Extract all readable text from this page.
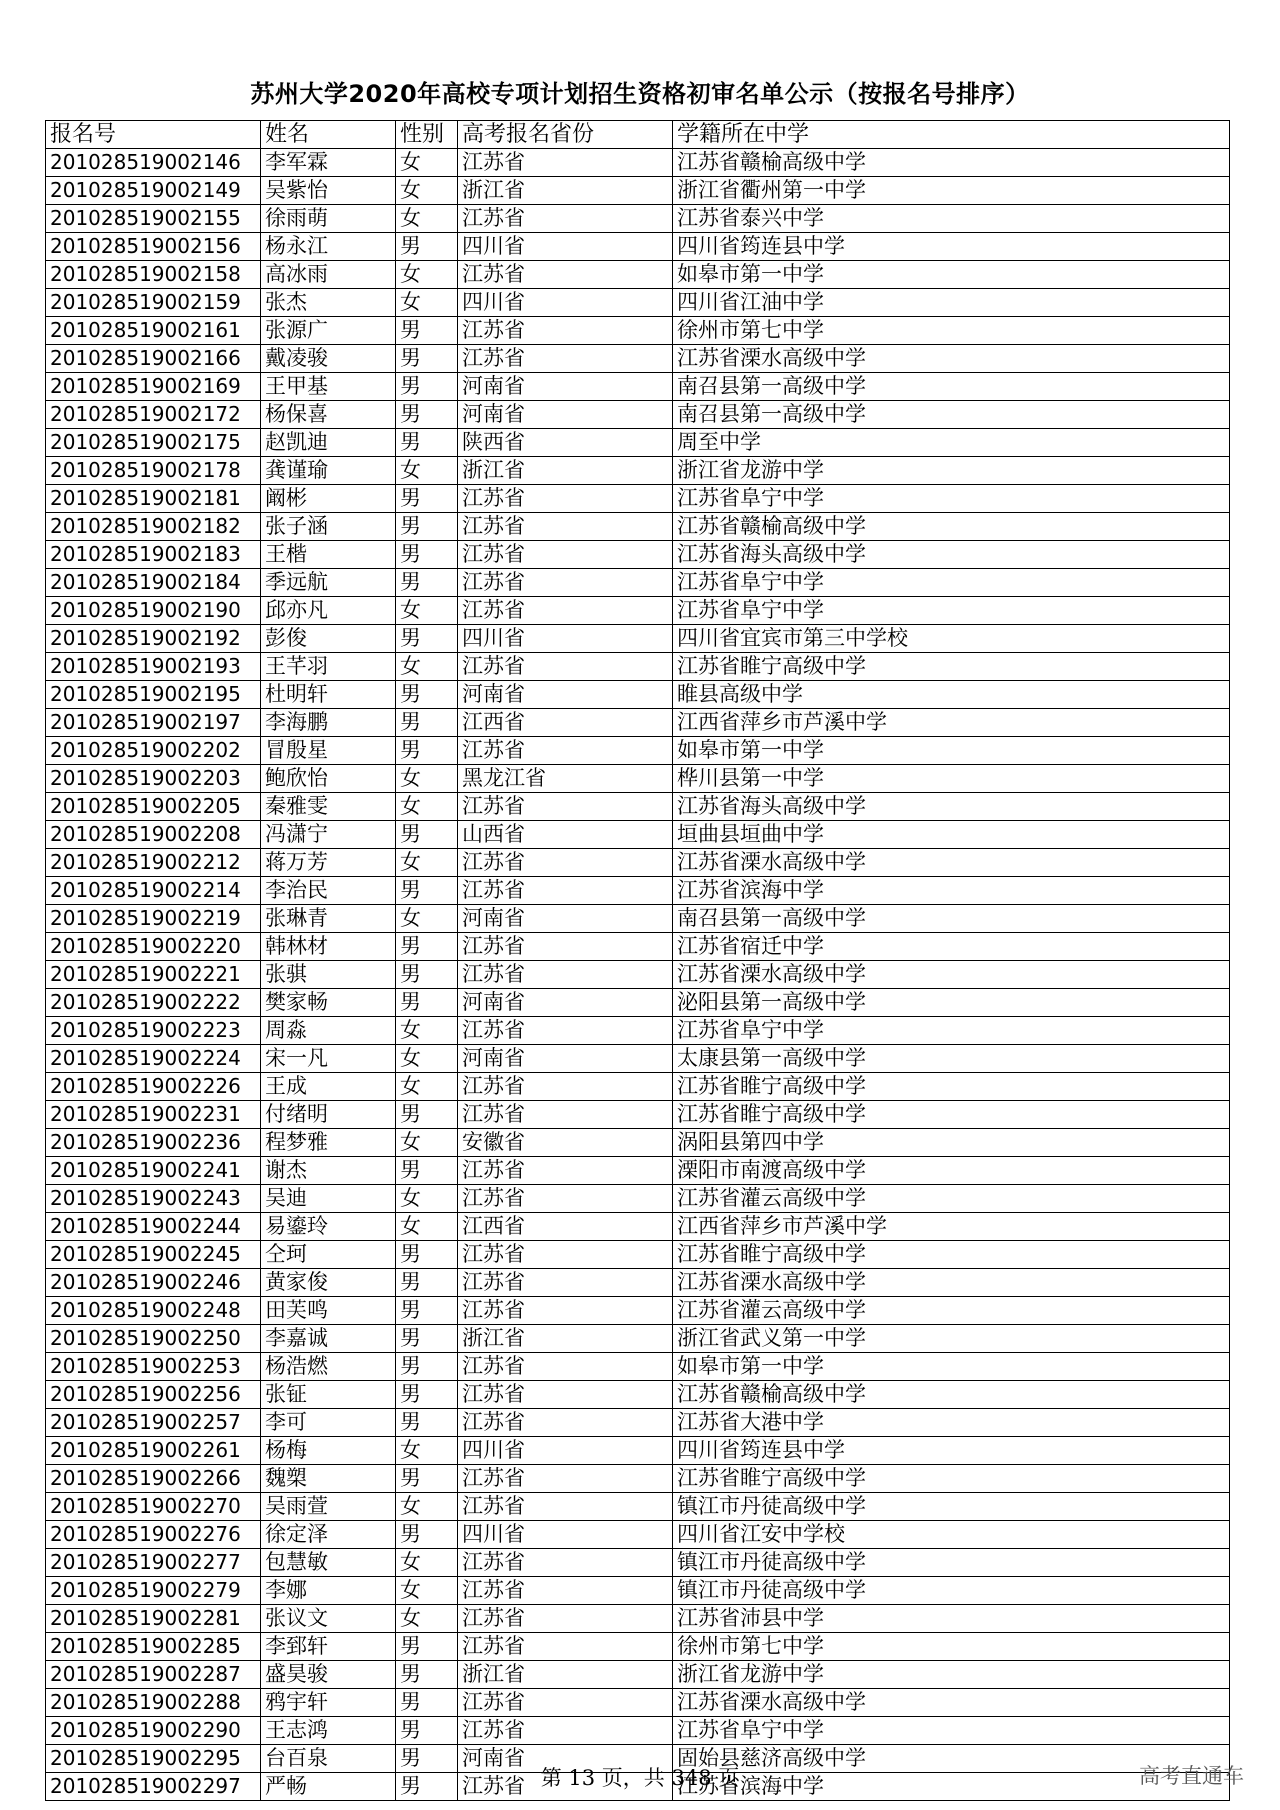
苏州大学2020年高校专项计划招生资格初审名单公示（按报名号排序）
报名号	姓名	性别	高考报名省份	学籍所在中学
201028519002146	李军霖	女	江苏省	江苏省赣榆高级中学
201028519002149	吴紫怡	女	浙江省	浙江省衢州第一中学
201028519002155	徐雨萌	女	江苏省	江苏省泰兴中学
201028519002156	杨永江	男	四川省	四川省筠连县中学
201028519002158	高冰雨	女	江苏省	如皋市第一中学
201028519002159	张杰	女	四川省	四川省江油中学
201028519002161	张源广	男	江苏省	徐州市第七中学
201028519002166	戴凌骏	男	江苏省	江苏省溧水高级中学
201028519002169	王甲基	男	河南省	南召县第一高级中学
201028519002172	杨保喜	男	河南省	南召县第一高级中学
201028519002175	赵凯迪	男	陕西省	周至中学
201028519002178	龚谨瑜	女	浙江省	浙江省龙游中学
201028519002181	阚彬	男	江苏省	江苏省阜宁中学
201028519002182	张子涵	男	江苏省	江苏省赣榆高级中学
201028519002183	王楷	男	江苏省	江苏省海头高级中学
201028519002184	季远航	男	江苏省	江苏省阜宁中学
201028519002190	邱亦凡	女	江苏省	江苏省阜宁中学
201028519002192	彭俊	男	四川省	四川省宜宾市第三中学校
201028519002193	王芊羽	女	江苏省	江苏省睢宁高级中学
201028519002195	杜明轩	男	河南省	睢县高级中学
201028519002197	李海鹏	男	江西省	江西省萍乡市芦溪中学
201028519002202	冒殷星	男	江苏省	如皋市第一中学
201028519002203	鲍欣怡	女	黑龙江省	桦川县第一中学
201028519002205	秦雅雯	女	江苏省	江苏省海头高级中学
201028519002208	冯潇宁	男	山西省	垣曲县垣曲中学
201028519002212	蒋万芳	女	江苏省	江苏省溧水高级中学
201028519002214	李治民	男	江苏省	江苏省滨海中学
201028519002219	张琳青	女	河南省	南召县第一高级中学
201028519002220	韩林材	男	江苏省	江苏省宿迁中学
201028519002221	张骐	男	江苏省	江苏省溧水高级中学
201028519002222	樊家畅	男	河南省	泌阳县第一高级中学
201028519002223	周淼	女	江苏省	江苏省阜宁中学
201028519002224	宋一凡	女	河南省	太康县第一高级中学
201028519002226	王成	女	江苏省	江苏省睢宁高级中学
201028519002231	付绪明	男	江苏省	江苏省睢宁高级中学
201028519002236	程梦雅	女	安徽省	涡阳县第四中学
201028519002241	谢杰	男	江苏省	溧阳市南渡高级中学
201028519002243	吴迪	女	江苏省	江苏省灌云高级中学
201028519002244	易鎏玲	女	江西省	江西省萍乡市芦溪中学
201028519002245	仝珂	男	江苏省	江苏省睢宁高级中学
201028519002246	黄家俊	男	江苏省	江苏省溧水高级中学
201028519002248	田芙鸣	男	江苏省	江苏省灌云高级中学
201028519002250	李嘉诚	男	浙江省	浙江省武义第一中学
201028519002253	杨浩燃	男	江苏省	如皋市第一中学
201028519002256	张钲	男	江苏省	江苏省赣榆高级中学
201028519002257	李可	男	江苏省	江苏省大港中学
201028519002261	杨梅	女	四川省	四川省筠连县中学
201028519002266	魏槊	男	江苏省	江苏省睢宁高级中学
201028519002270	吴雨萱	女	江苏省	镇江市丹徒高级中学
201028519002276	徐定泽	男	四川省	四川省江安中学校
201028519002277	包慧敏	女	江苏省	镇江市丹徒高级中学
201028519002279	李娜	女	江苏省	镇江市丹徒高级中学
201028519002281	张议文	女	江苏省	江苏省沛县中学
201028519002285	李郅轩	男	江苏省	徐州市第七中学
201028519002287	盛昊骏	男	浙江省	浙江省龙游中学
201028519002288	鸦宇轩	男	江苏省	江苏省溧水高级中学
201028519002290	王志鸿	男	江苏省	江苏省阜宁中学
201028519002295	台百泉	男	河南省	固始县慈济高级中学
201028519002297	严畅	男	江苏省	江苏省滨海中学
第 13 页，共 348 页	高考直通车
